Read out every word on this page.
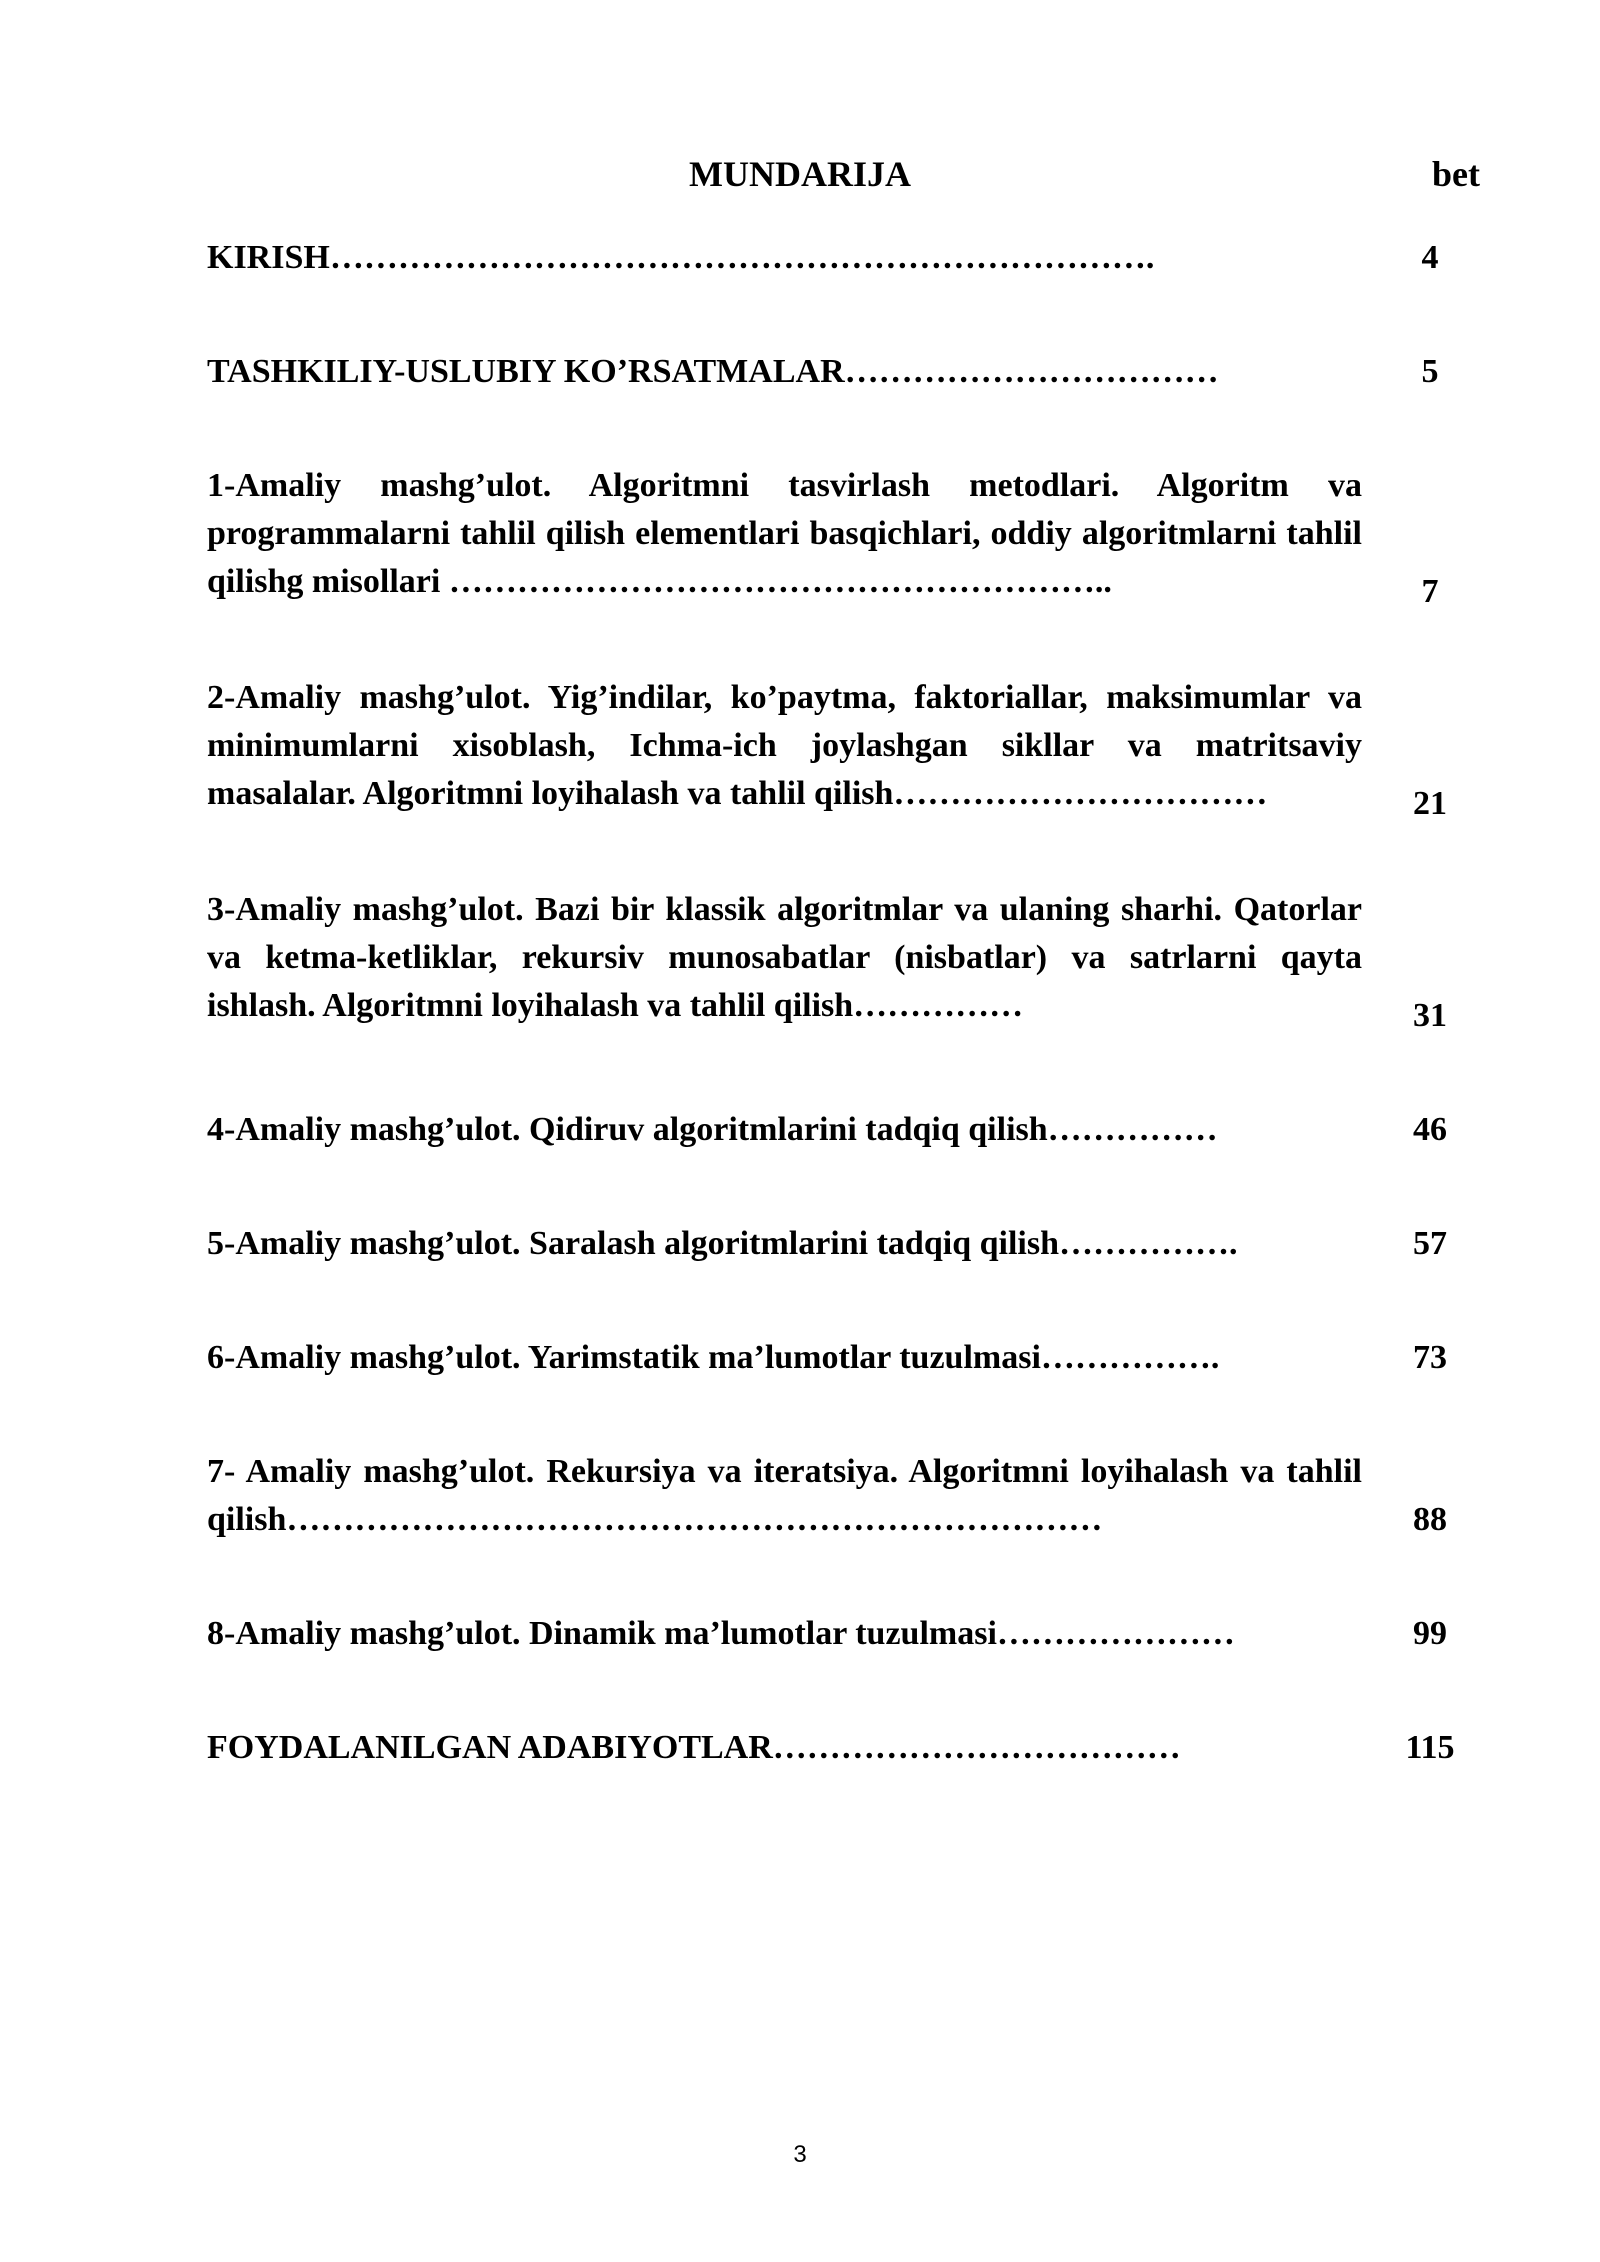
MUNDARIJA	bet
KIRISH……………………………………………………………….	4
TASHKILIY-USLUBIY KO’RSATMALAR……………………………	5
1-Amaliy mashg’ulot. Algoritmni tasvirlash metodlari. Algoritm va programmalarni tahlil qilish elementlari basqichlari, oddiy algoritmlarni tahlil qilishg misollari …………………………………………………..	7
2-Amaliy mashg’ulot. Yig’indilar, ko’paytma, faktoriallar, maksimumlar va minimumlarni xisoblash, Ichma-ich joylashgan sikllar va matritsaviy masalalar. Algoritmni loyihalash va tahlil qilish……………………………	21
3-Amaliy mashg’ulot. Bazi bir klassik algoritmlar va ulaning sharhi. Qatorlar va ketma-ketliklar, rekursiv munosabatlar (nisbatlar) va satrlarni qayta ishlash. Algoritmni loyihalash va tahlil qilish……………	31
4-Amaliy mashg’ulot. Qidiruv algoritmlarini tadqiq qilish……………	46
5-Amaliy mashg’ulot. Saralash algoritmlarini tadqiq qilish…………….	57
6-Amaliy mashg’ulot. Yarimstatik ma’lumotlar tuzulmasi…………….	73
7- Amaliy mashg’ulot. Rekursiya va iteratsiya. Algoritmni loyihalash va tahlil qilish………………………………………………………………	88
8-Amaliy mashg’ulot. Dinamik ma’lumotlar tuzulmasi…………………	99
FOYDALANILGAN ADABIYOTLAR………………………………	115
3
